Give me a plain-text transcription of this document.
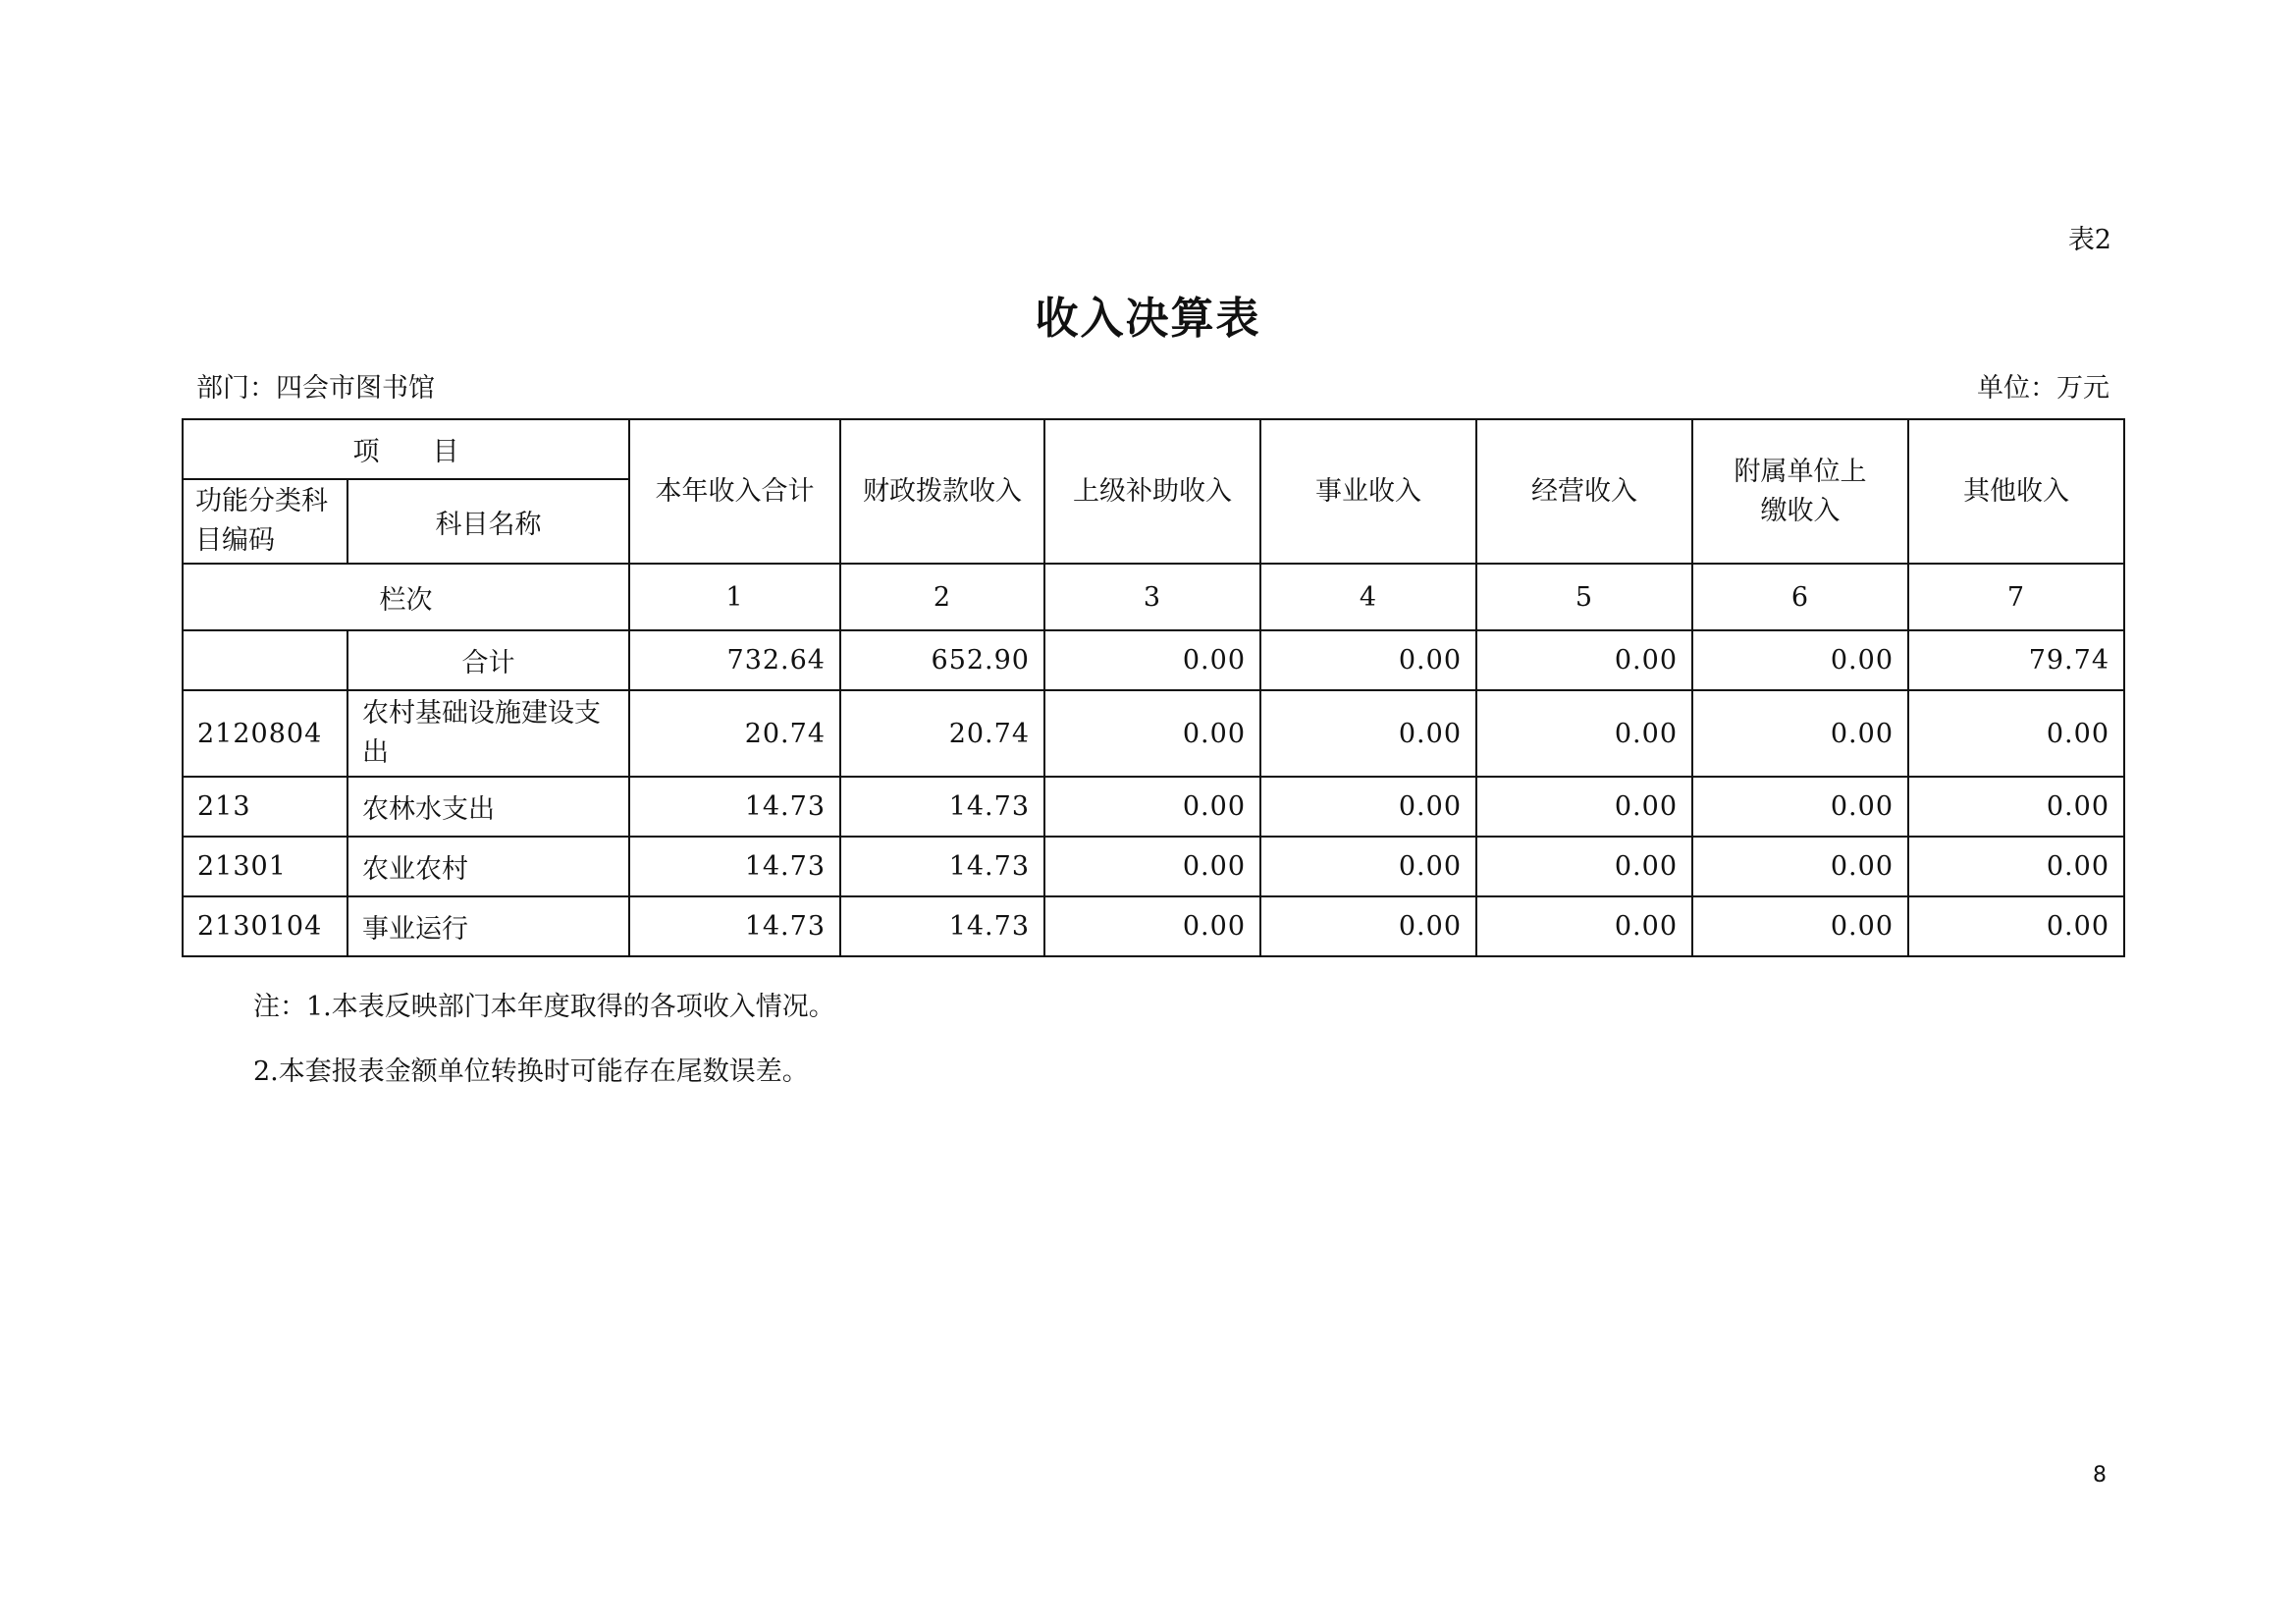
表2
收入决算表
部门：四会市图书馆	单位：万元
项　　目		本年收入合计	财政拨款收入	上级补助收入	事业收入	经营收入	附属单位上缴收入	其他收入
功能分类科目编码	科目名称							
栏次		1	2	3	4	5	6	7
	合计	732.64	652.90	0.00	0.00	0.00	0.00	79.74
2120804	农村基础设施建设支出	20.74	20.74	0.00	0.00	0.00	0.00	0.00
213	农林水支出	14.73	14.73	0.00	0.00	0.00	0.00	0.00
21301	农业农村	14.73	14.73	0.00	0.00	0.00	0.00	0.00
2130104	事业运行	14.73	14.73	0.00	0.00	0.00	0.00	0.00
注：1.本表反映部门本年度取得的各项收入情况。
2.本套报表金额单位转换时可能存在尾数误差。
8
